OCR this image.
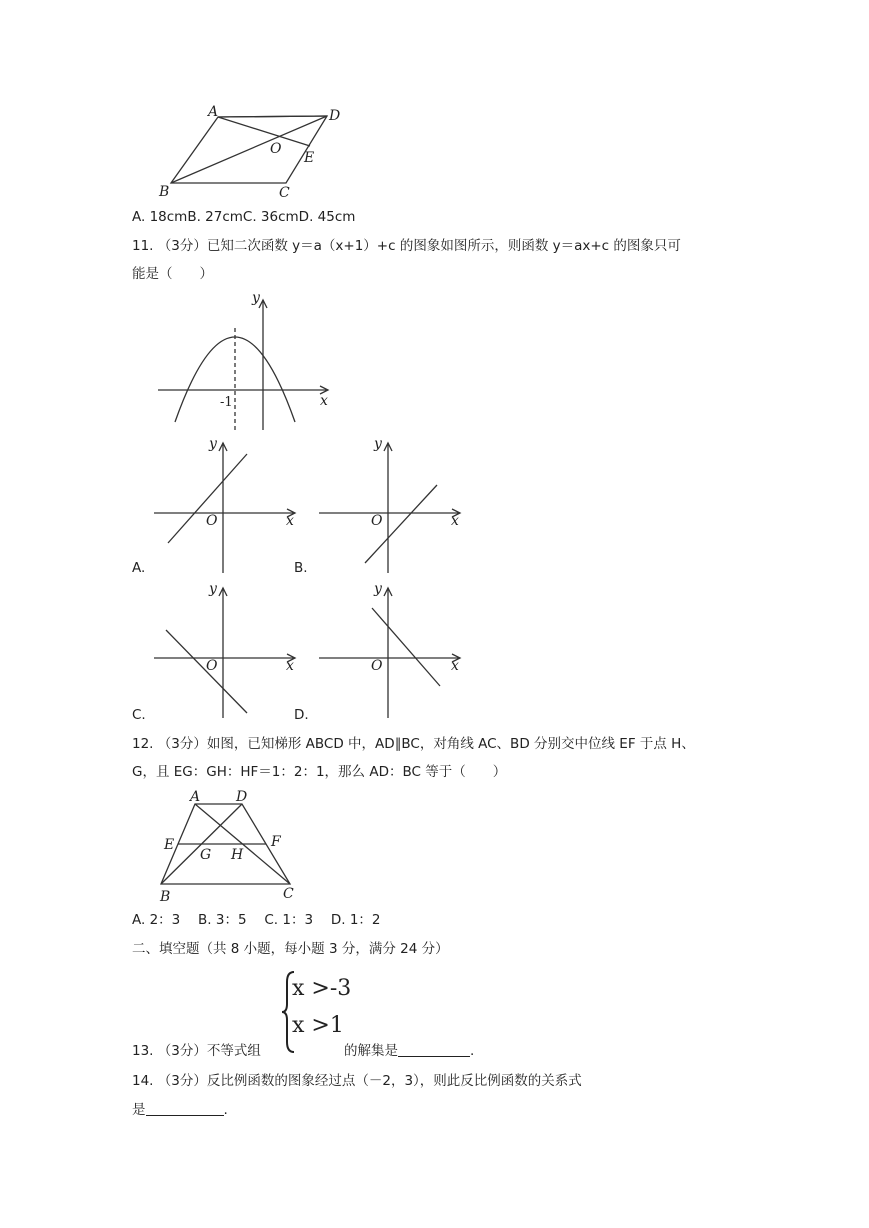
A	D
O
E
B	C
A. 18cmB. 27cmC. 36cmD. 45cm
11. （3分）已知二次函数 y＝a（x+1）+c 的图象如图所示，则函数 y＝ax+c 的图象只可
能是（　　）
y
x
-1
y
x
O
A.
y
x
O
B.
y
x
O
C.
y
x
O
D.
12. （3分）如图，已知梯形 ABCD 中，AD∥BC，对角线 AC、BD 分别交中位线 EF 于点 H、
G，且 EG：GH：HF＝1：2：1，那么 AD：BC 等于（　　）
A	D
E	F
G H
B	C
A. 2：3　 B. 3：5　 C. 1：3　 D. 1：2
二、填空题（共 8 小题，每小题 3 分，满分 24 分）
x >-3
x >1
13. （3分）不等式组	的解集是	.
14. （3分）反比例函数的图象经过点（－2，3），则此反比例函数的关系式
是	.
